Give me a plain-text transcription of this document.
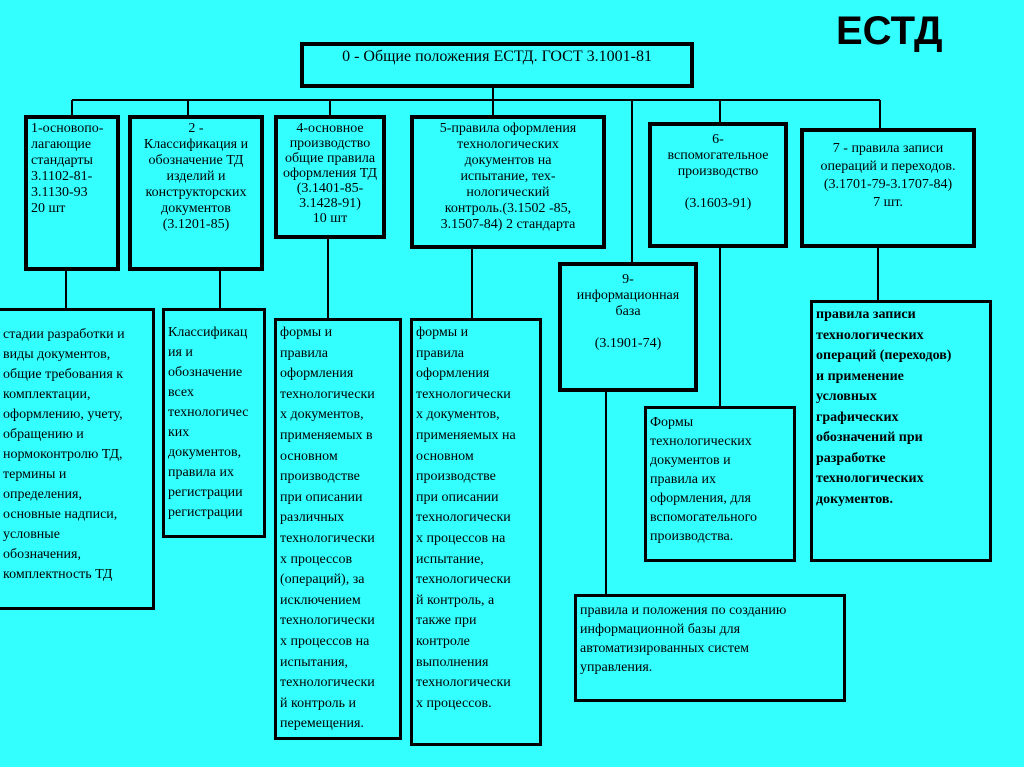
ЕСТД
0 - Общие положения ЕСТД. ГОСТ 3.1001-81
1-основопо-
лагающие
стандарты
3.1102-81-
3.1130-93
20 шт
2 -
Классификация и
обозначение ТД
изделий и
конструкторских
документов
(3.1201-85)
4-основное
производство
общие правила
оформления ТД
(3.1401-85-
3.1428-91)
10 шт
5-правила оформления
технологических
документов на
испытание, тех-
нологический
контроль.(3.1502 -85,
3.1507-84) 2 стандарта
6-
вспомогательное
производство

(3.1603-91)
7 - правила записи
операций и переходов.
(3.1701-79-3.1707-84)
7 шт.
9-
информационная
база

(3.1901-74)
стадии разработки и
виды документов,
общие требования к
комплектации,
оформлению, учету,
обращению и
нормоконтролю ТД,
термины и
определения,
основные надписи,
условные
обозначения,
комплектность ТД
Классификац
ия и
обозначение
всех
технологичес
ких
документов,
правила их
регистрации
регистрации
формы и
правила
оформления
технологически
х документов,
применяемых в
основном
производстве
при описании
различных
технологически
х процессов
(операций), за
исключением
технологически
х процессов на
испытания,
технологически
й контроль и
перемещения.
формы и
правила
оформления
технологически
х документов,
применяемых на
основном
производстве
при описании
технологически
х процессов на
испытание,
технологически
й контроль, а
также при
контроле
выполнения
технологически
х процессов.
Формы
технологических
документов и
правила их
оформления, для
вспомогательного
производства.
правила записи
технологических
операций (переходов)
и применение
условных
графических
обозначений при
разработке
технологических
документов.
правила и положения по созданию
информационной базы для
автоматизированных систем
управления.
